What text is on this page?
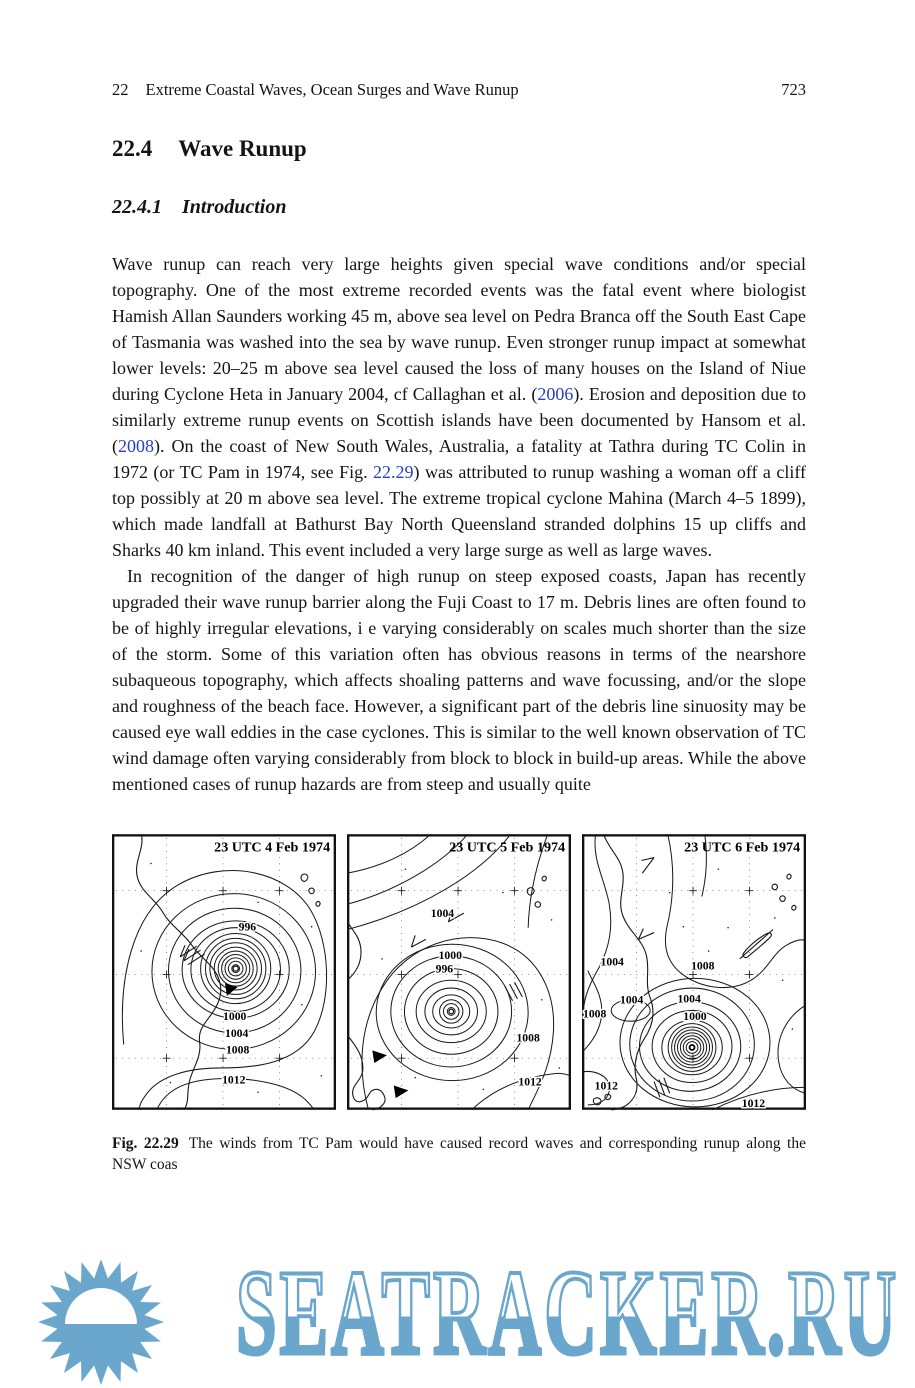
22 Extreme Coastal Waves, Ocean Surges and Wave Runup	723
22.4 Wave Runup
22.4.1 Introduction

Wave runup can reach very large heights given special wave conditions and/or special topography. One of the most extreme recorded events was the fatal event where biologist Hamish Allan Saunders working 45 m, above sea level on Pedra Branca off the South East Cape of Tasmania was washed into the sea by wave runup. Even stronger runup impact at somewhat lower levels: 20–25 m above sea level caused the loss of many houses on the Island of Niue during Cyclone Heta in January 2004, cf Callaghan et al. (2006). Erosion and deposition due to similarly extreme runup events on Scottish islands have been documented by Hansom et al. (2008). On the coast of New South Wales, Australia, a fatality at Tathra during TC Colin in 1972 (or TC Pam in 1974, see Fig. 22.29) was attributed to runup washing a woman off a cliff top possibly at 20 m above sea level. The extreme tropical cyclone Mahina (March 4–5 1899), which made landfall at Bathurst Bay North Queensland stranded dolphins 15 up cliffs and Sharks 40 km inland. This event included a very large surge as well as large waves.

In recognition of the danger of high runup on steep exposed coasts, Japan has recently upgraded their wave runup barrier along the Fuji Coast to 17 m. Debris lines are often found to be of highly irregular elevations, i e varying considerably on scales much shorter than the size of the storm. Some of this variation often has obvious reasons in terms of the nearshore subaqueous topography, which affects shoaling patterns and wave focussing, and/or the slope and roughness of the beach face. However, a significant part of the debris line sinuosity may be caused eye wall eddies in the case cyclones. This is similar to the well known observation of TC wind damage often varying considerably from block to block in build-up areas. While the above mentioned cases of runup hazards are from steep and usually quite

23 UTC 4 Feb 1974
996
1000
1004
1008
1012
23 UTC 5 Feb 1974
1004
1000
996
1008
1012
23 UTC 6 Feb 1974
1004	1008
1004	1004
1000
1008
1012
1012
Fig. 22.29 The winds from TC Pam would have caused record waves and corresponding runup along the NSW coas
SEATRACKER.RU
